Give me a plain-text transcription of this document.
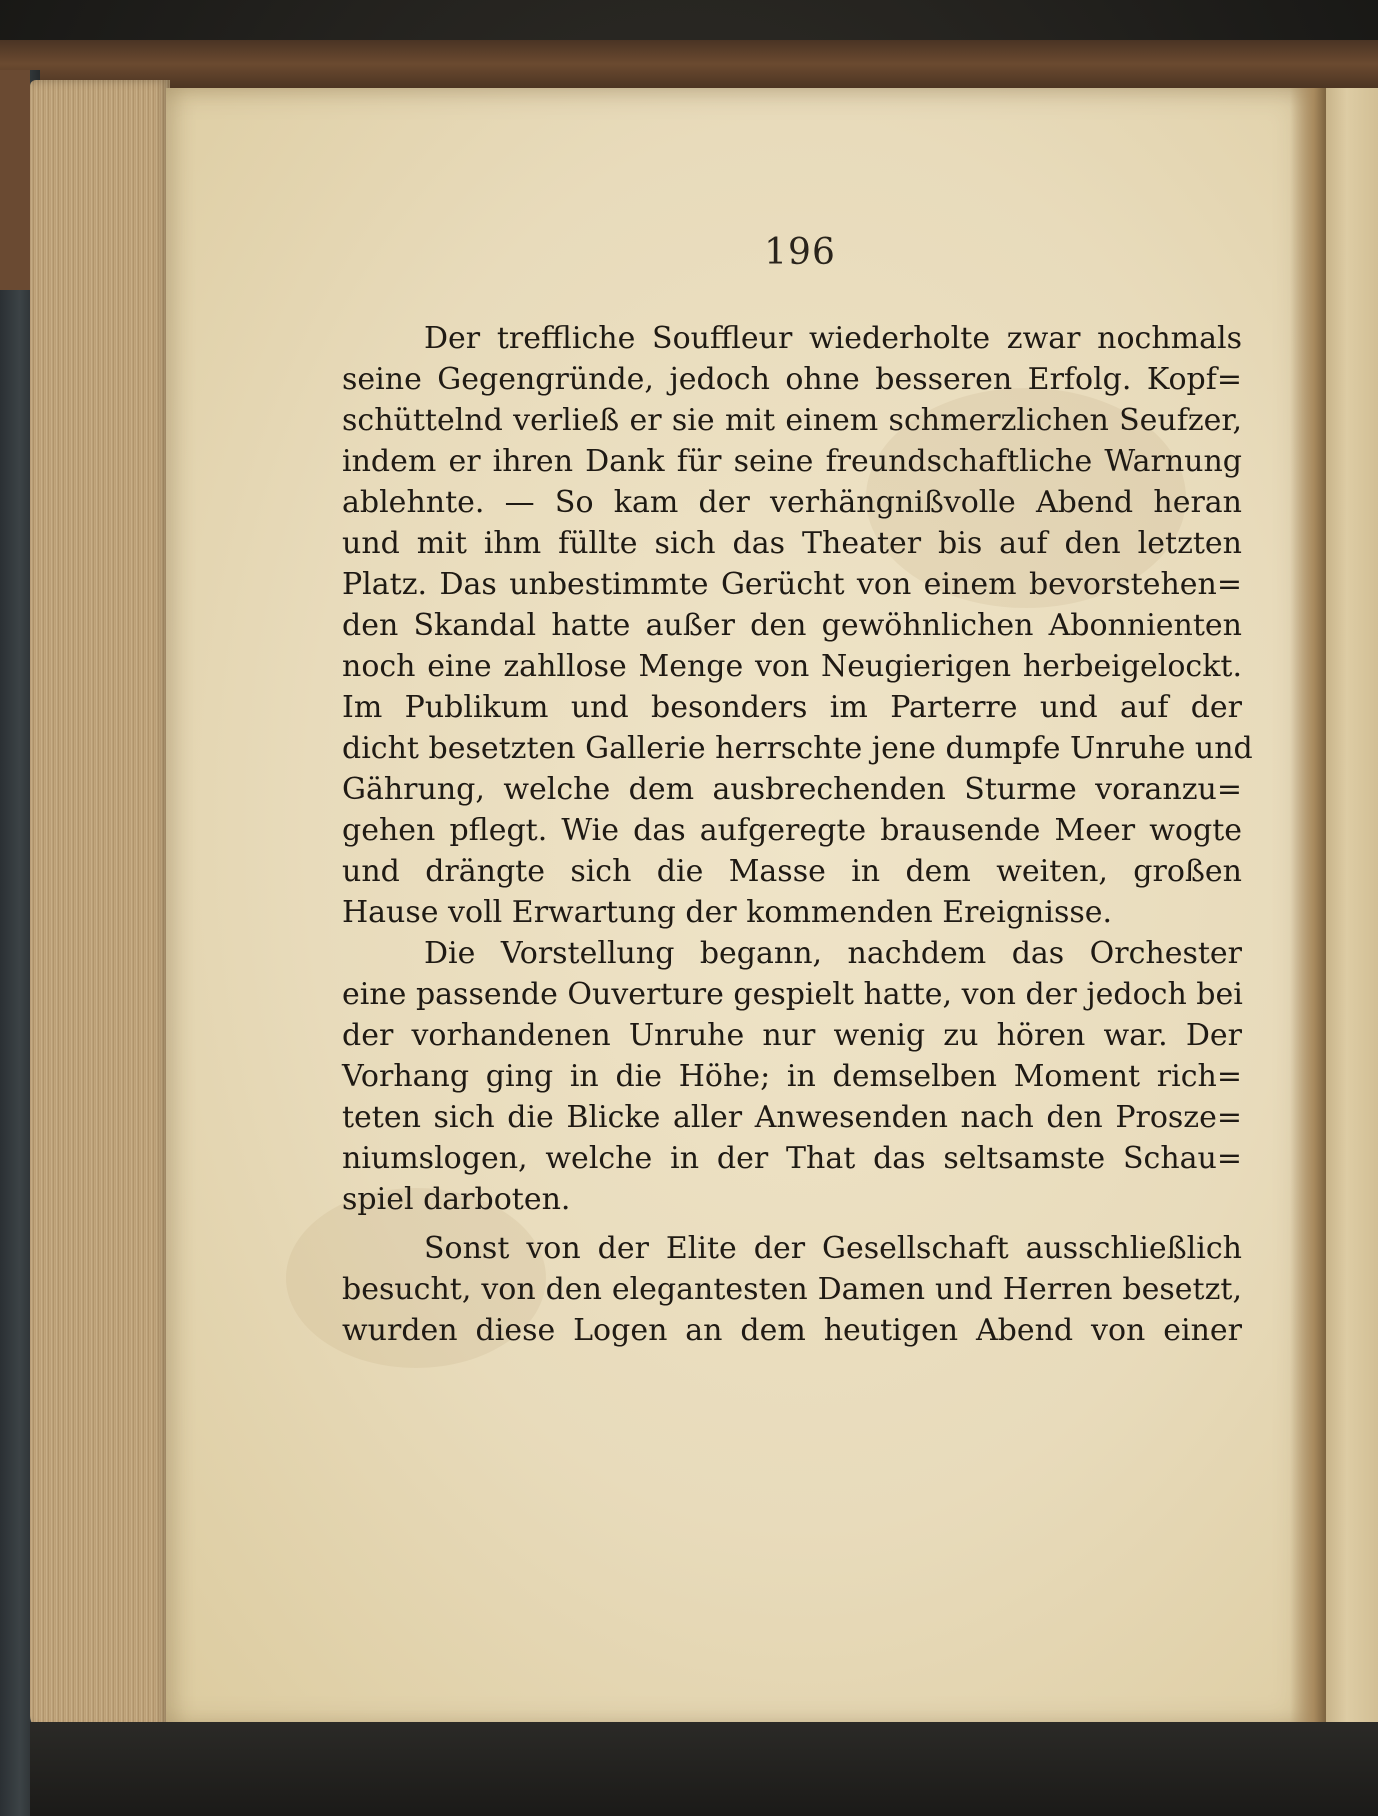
196
Der treffliche Souffleur wiederholte zwar nochmals
seine Gegengründe, jedoch ohne besseren Erfolg. Kopf=
schüttelnd verließ er sie mit einem schmerzlichen Seufzer,
indem er ihren Dank für seine freundschaftliche Warnung
ablehnte. — So kam der verhängnißvolle Abend heran
und mit ihm füllte sich das Theater bis auf den letzten
Platz. Das unbestimmte Gerücht von einem bevorstehen=
den Skandal hatte außer den gewöhnlichen Abonnienten
noch eine zahllose Menge von Neugierigen herbeigelockt.
Im Publikum und besonders im Parterre und auf der
dicht besetzten Gallerie herrschte jene dumpfe Unruhe und
Gährung, welche dem ausbrechenden Sturme voranzu=
gehen pflegt. Wie das aufgeregte brausende Meer wogte
und drängte sich die Masse in dem weiten, großen
Hause voll Erwartung der kommenden Ereignisse.
Die Vorstellung begann, nachdem das Orchester
eine passende Ouverture gespielt hatte, von der jedoch bei
der vorhandenen Unruhe nur wenig zu hören war. Der
Vorhang ging in die Höhe; in demselben Moment rich=
teten sich die Blicke aller Anwesenden nach den Prosze=
niumslogen, welche in der That das seltsamste Schau=
spiel darboten.
Sonst von der Elite der Gesellschaft ausschließlich
besucht, von den elegantesten Damen und Herren besetzt,
wurden diese Logen an dem heutigen Abend von einer
